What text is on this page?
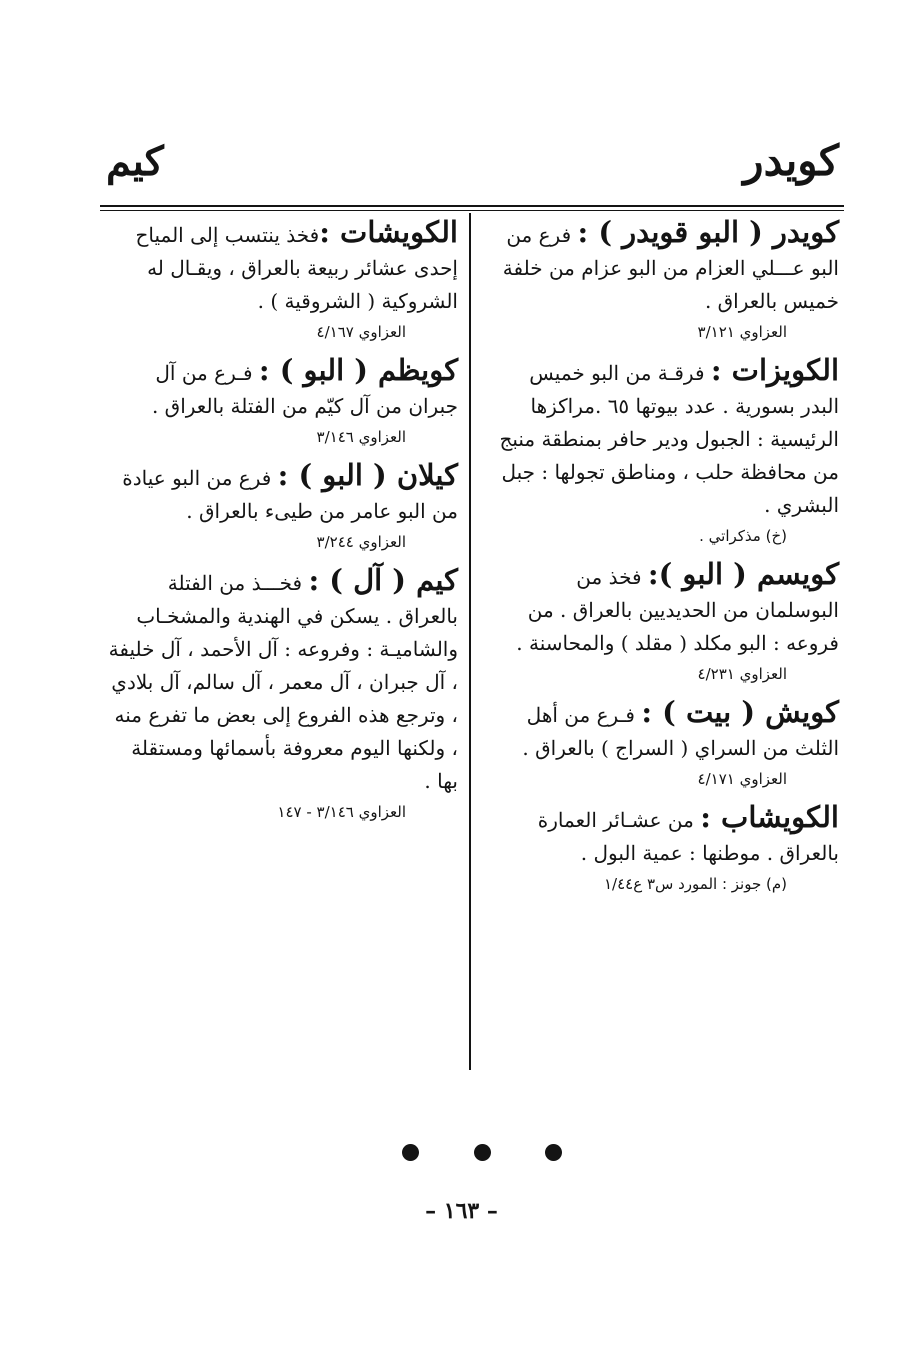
كويدر
كيم

كويدر ( البو قويدر ) : فرع من البو عـــلي العزام من البو عزام من خلفة خميس بالعراق .

العزاوي ٣/١٢١

الكويزات : فرقـة من البو خميس البدر بسورية . عدد بيوتها ٦٥ .مراكزها الرئيسية : الجبول ودير حافر بمنطقة منبج من محافظة حلب ، ومناطق تجولها : جبل البشري .

(خ) مذكراتي .

كويسم ( البو ): فخذ من البوسلمان من الحديديين بالعراق . من فروعه : البو مكلد ( مقلد ) والمحاسنة .

العزاوي ٤/٢٣١

كويش ( بيت ) : فـرع من أهل الثلث من السراي ( السراج ) بالعراق .

العزاوي ٤/١٧١

الكويشاب : من عشـائر العمارة بالعراق . موطنها : عمية البول .

(م) جونز : المورد س٣ ع١/٤٤

الكويشات :فخذ ينتسب إلى المياح إحدى عشائر ربيعة بالعراق ، ويقـال له الشروكية ( الشروقية ) .

العزاوي ٤/١٦٧

كويظم ( البو ) : فـرع من آل جبران من آل كيّم من الفتلة بالعراق .

العزاوي ٣/١٤٦

كيلان ( البو ) : فرع من البو عيادة من البو عامر من طيىء بالعراق .

العزاوي ٣/٢٤٤

كيم ( آل ) : فخـــذ من الفتلة بالعراق . يسكن في الهندية والمشخـاب والشاميـة : وفروعه : آل الأحمد ، آل خليفة ، آل جبران ، آل معمر ، آل سالم، آل بلادي ، وترجع هذه الفروع إلى بعض ما تفرع منه ، ولكنها اليوم معروفة بأسمائها ومستقلة بها .

العزاوي ٣/١٤٦ - ١٤٧
– ١٦٣ –
